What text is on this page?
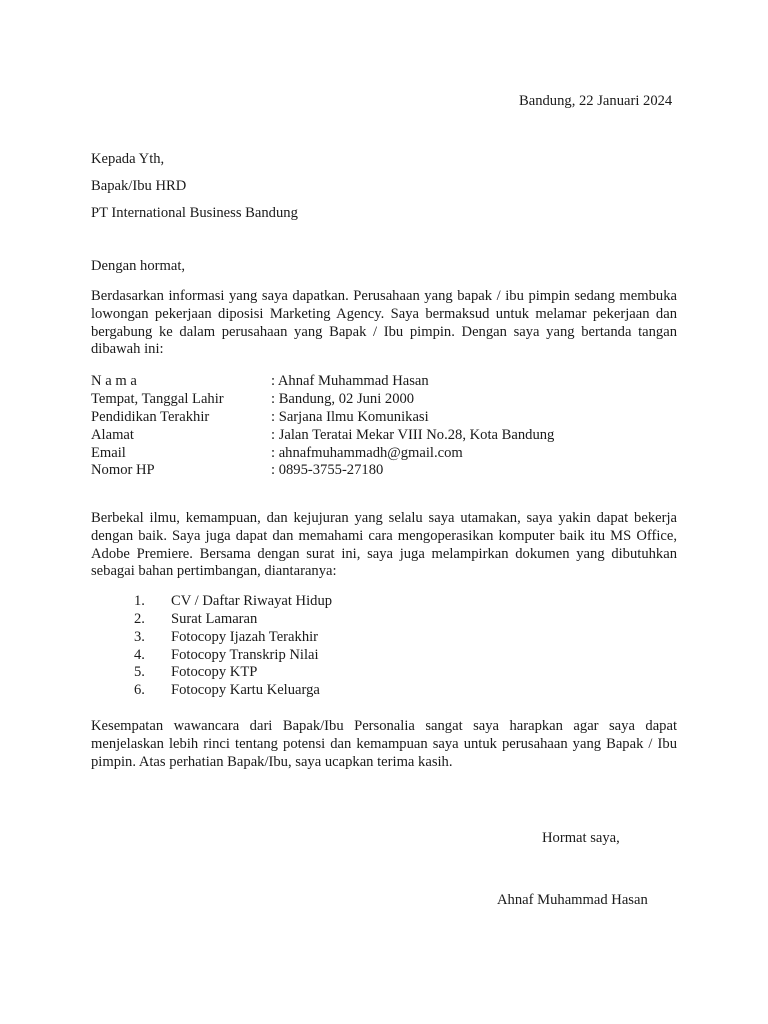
Bandung, 22 Januari 2024
Kepada Yth,
Bapak/Ibu HRD
PT International Business Bandung
Dengan hormat,
Berdasarkan informasi yang saya dapatkan. Perusahaan yang bapak / ibu pimpin sedang membuka lowongan pekerjaan diposisi Marketing Agency. Saya bermaksud untuk melamar pekerjaan dan bergabung ke dalam perusahaan yang Bapak / Ibu pimpin. Dengan saya yang bertanda tangan dibawah ini:
N a m a	: Ahnaf Muhammad Hasan
Tempat, Tanggal Lahir	: Bandung, 02 Juni 2000
Pendidikan Terakhir	: Sarjana Ilmu Komunikasi
Alamat	: Jalan Teratai Mekar VIII No.28, Kota Bandung
Email	: ahnafmuhammadh@gmail.com
Nomor HP	: 0895-3755-27180
Berbekal ilmu, kemampuan, dan kejujuran yang selalu saya utamakan, saya yakin dapat bekerja dengan baik. Saya juga dapat dan memahami cara mengoperasikan komputer baik itu MS Office, Adobe Premiere. Bersama dengan surat ini, saya juga melampirkan dokumen yang dibutuhkan sebagai bahan pertimbangan, diantaranya:
1. CV / Daftar Riwayat Hidup
2. Surat Lamaran
3. Fotocopy Ijazah Terakhir
4. Fotocopy Transkrip Nilai
5. Fotocopy KTP
6. Fotocopy Kartu Keluarga
Kesempatan wawancara dari Bapak/Ibu Personalia sangat saya harapkan agar saya dapat menjelaskan lebih rinci tentang potensi dan kemampuan saya untuk perusahaan yang Bapak / Ibu pimpin. Atas perhatian Bapak/Ibu, saya ucapkan terima kasih.
Hormat saya,
Ahnaf Muhammad Hasan
